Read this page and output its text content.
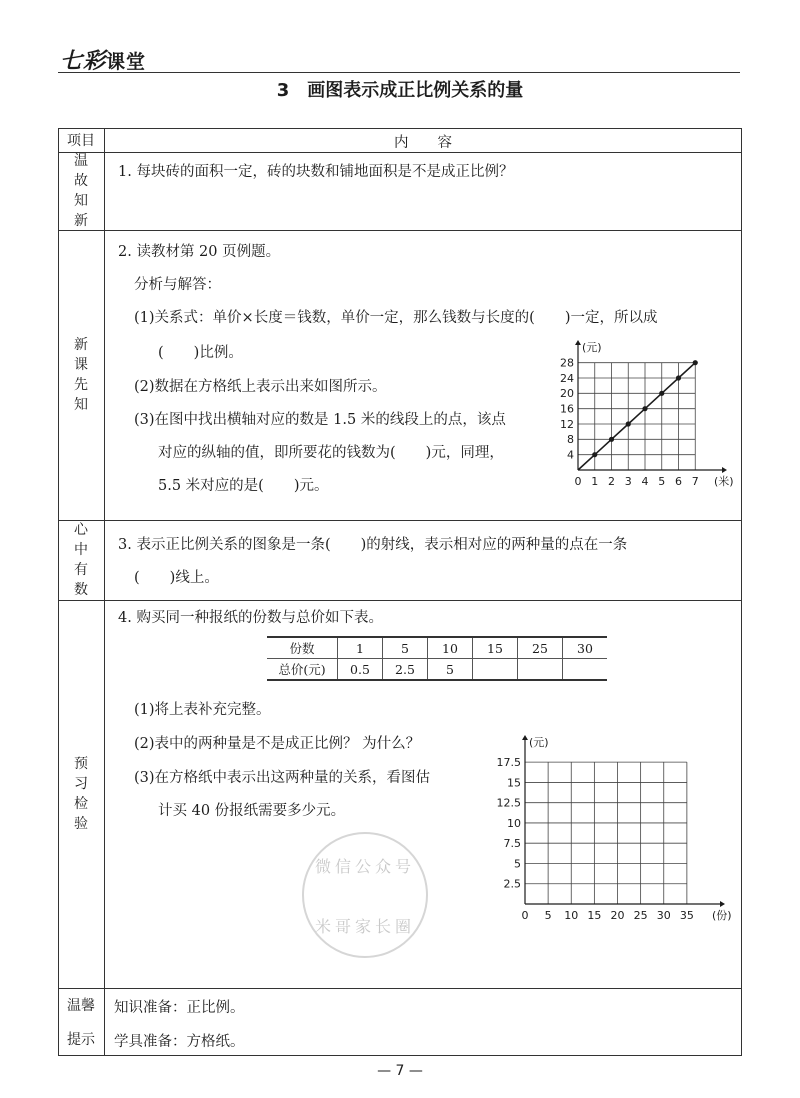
七彩课堂
3　画图表示成正比例关系的量
项目	内　　容
温
故
知
新
1. 每块砖的面积一定，砖的块数和铺地面积是不是成正比例？
新
课
先
知
2. 读教材第 20 页例题。
分析与解答：
(1)关系式：单价×长度＝钱数，单价一定，那么钱数与长度的( )一定，所以成
( )比例。
(2)数据在方格纸上表示出来如图所示。
(3)在图中找出横轴对应的数是 1.5 米的线段上的点，该点
对应的纵轴的值，即所要花的钱数为( )元，同理，
5.5 米对应的是( )元。	0 1 2 3 4 5 6 7
4
8
12
16
20
24
28
(元)
(米)
心
中
有
数
3. 表示正比例关系的图象是一条( )的射线，表示相对应的两种量的点在一条
( )线上。
预
习
检
验
4. 购买同一种报纸的份数与总价如下表。
份数	1	5	10	15	25	30
总价(元)	0.5	2.5	5			
(1)将上表补充完整。
(2)表中的两种量是不是成正比例？ 为什么？
(3)在方格纸中表示出这两种量的关系，看图估
计买 40 份报纸需要多少元。
0 5 10 15 20 25 30 35
2.5
5
7.5
10
12.5
15
17.5
(元)
(份)
微信公众号
米哥家长圈
温馨
提示
知识准备：正比例。
学具准备：方格纸。
— 7 —
